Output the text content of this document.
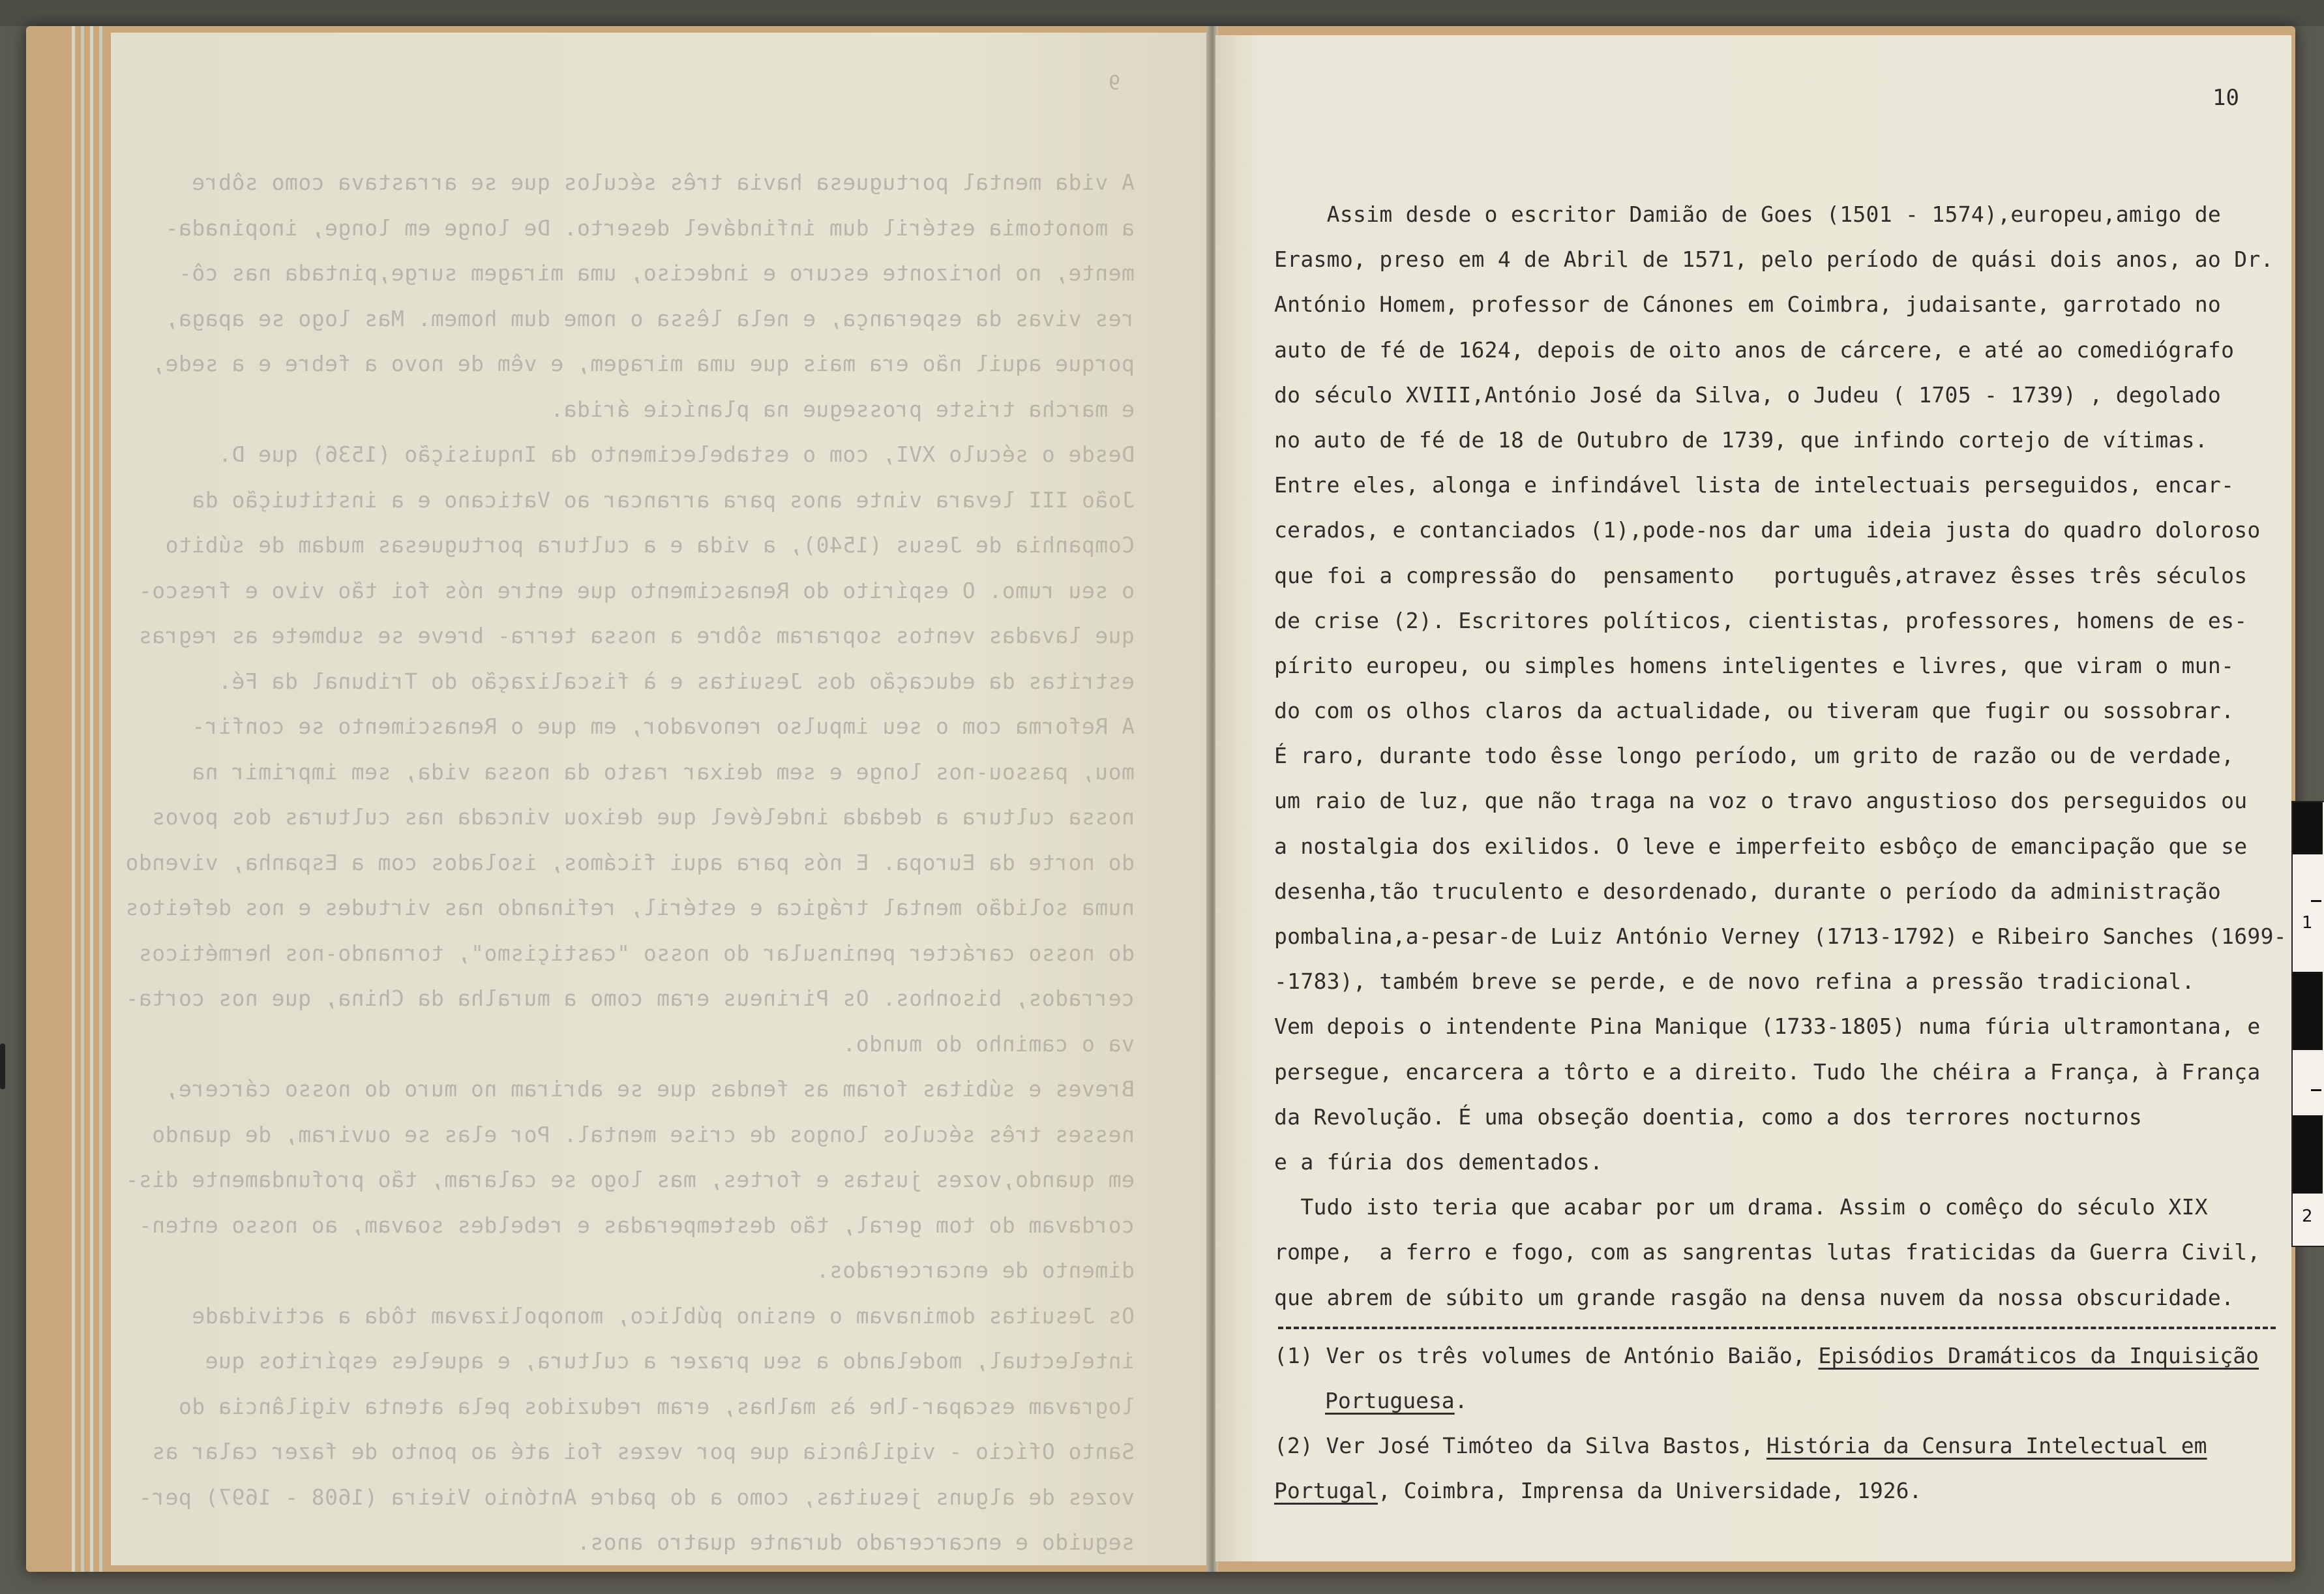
9
A vida mental portuguesa havia três séculos que se arrastava como sôbre
a monotomia estéril dum infindável deserto. De longe em longe, inopinada-
mente, no horizonte escuro e indeciso, uma miragem surge,pintada nas cô-
res vivas da esperança, e nela lêssa o nome dum homem. Mas logo se apaga,
porque aquil não era mais que uma miragem, e vêm de novo a febre e a sede,
e marcha triste prossegue na planície árida.
Desde o século XVI, com o estabelecimento da Inquisição (1536) que D.
João III levara vinte anos para arrancar ao Vaticano e a instituição da
Companhia de Jesus (1540), a vida e a cultura portuguesas mudam de súbito
o seu rumo. O espírito do Renascimento que entre nós foi tão vivo e fresco-
que lavadas ventos sopraram sôbre a nossa terra- breve se submete as regras
estritas da educação dos Jesuitas e à fiscalização do Tribunal da Fé.
A Reforma com o seu impulso renovador, em que o Renascimento se confir-
mou, passou-nos longe e sem deixar rasto da nossa vida, sem imprimir na
nossa cultura a dedada indelével que deixou vincada nas culturas dos povos
do norte da Europa. E nós para aqui ficámos, isolados com a Espanha, vivendo
numa solidão mental trágica e estéril, refinando nas virtudes e nos defeitos
do nosso carácter peninsular do nosso "castiçismo", tornando-nos herméticos
cerrados, bisonhos. Os Pirineus eram como a muralha da China, que nos corta-
va o caminho do mundo.
Breves e súbitas foram as fendas que se abriram no muro do nosso cárcere,
nesses três séculos longos de crise mental. Por elas se ouviram, de quando
em quando,vozes justas e fortes, mas logo se calaram, tão profundamente dis-
cordavam do tom geral, tão destemperadas e rebeldes soavam, ao nosso enten-
dimento de encarcerados.
Os Jesuitas dominavam o ensino público, monopolizavam tôda a actividade
intelectual, modelando a seu prazer a cultura, e aqueles espíritos que
logravam escapar-lhe às malhas, eram reduzidos pela atenta vigilância do
Santo Ofício - vigilância que por vezes foi até ao ponto de fazer calar as
vozes de alguns jesuitas, como a do padre António Vieira (1608 - 1697) per-
seguido e encarcerado durante quatro anos.
10
Assim desde o escritor Damião de Goes (1501 - 1574),europeu,amigo de
Erasmo, preso em 4 de Abril de 1571, pelo período de quási dois anos, ao Dr.
António Homem, professor de Cánones em Coimbra, judaisante, garrotado no
auto de fé de 1624, depois de oito anos de cárcere, e até ao comediógrafo
do século XVIII,António José da Silva, o Judeu ( 1705 - 1739) , degolado
no auto de fé de 18 de Outubro de 1739, que infindo cortejo de vítimas.
Entre eles, alonga e infindável lista de intelectuais perseguidos, encar-
cerados, e contanciados (1),pode-nos dar uma ideia justa do quadro doloroso
que foi a compressão do  pensamento   português,atravez êsses três séculos
de crise (2). Escritores políticos, cientistas, professores, homens de es-
pírito europeu, ou simples homens inteligentes e livres, que viram o mun-
do com os olhos claros da actualidade, ou tiveram que fugir ou sossobrar.
É raro, durante todo êsse longo período, um grito de razão ou de verdade,
um raio de luz, que não traga na voz o travo angustioso dos perseguidos ou
a nostalgia dos exilidos. O leve e imperfeito esbôço de emancipação que se
desenha,tão truculento e desordenado, durante o período da administração
pombalina,a-pesar-de Luiz António Verney (1713-1792) e Ribeiro Sanches (1699-
-1783), também breve se perde, e de novo refina a pressão tradicional.
Vem depois o intendente Pina Manique (1733-1805) numa fúria ultramontana, e
persegue, encarcera a tôrto e a direito. Tudo lhe chéira a França, à França
da Revolução. É uma obseção doentia, como a dos terrores nocturnos
e a fúria dos dementados.
Tudo isto teria que acabar por um drama. Assim o comêço do século XIX
rompe,  a ferro e fogo, com as sangrentas lutas fraticidas da Guerra Civil,
que abrem de súbito um grande rasgão na densa nuvem da nossa obscuridade.
(1) Ver os três volumes de António Baião, Episódios Dramáticos da Inquisição
Portuguesa.
(2) Ver José Timóteo da Silva Bastos, História da Censura Intelectual em
Portugal, Coimbra, Imprensa da Universidade, 1926.
1
2
